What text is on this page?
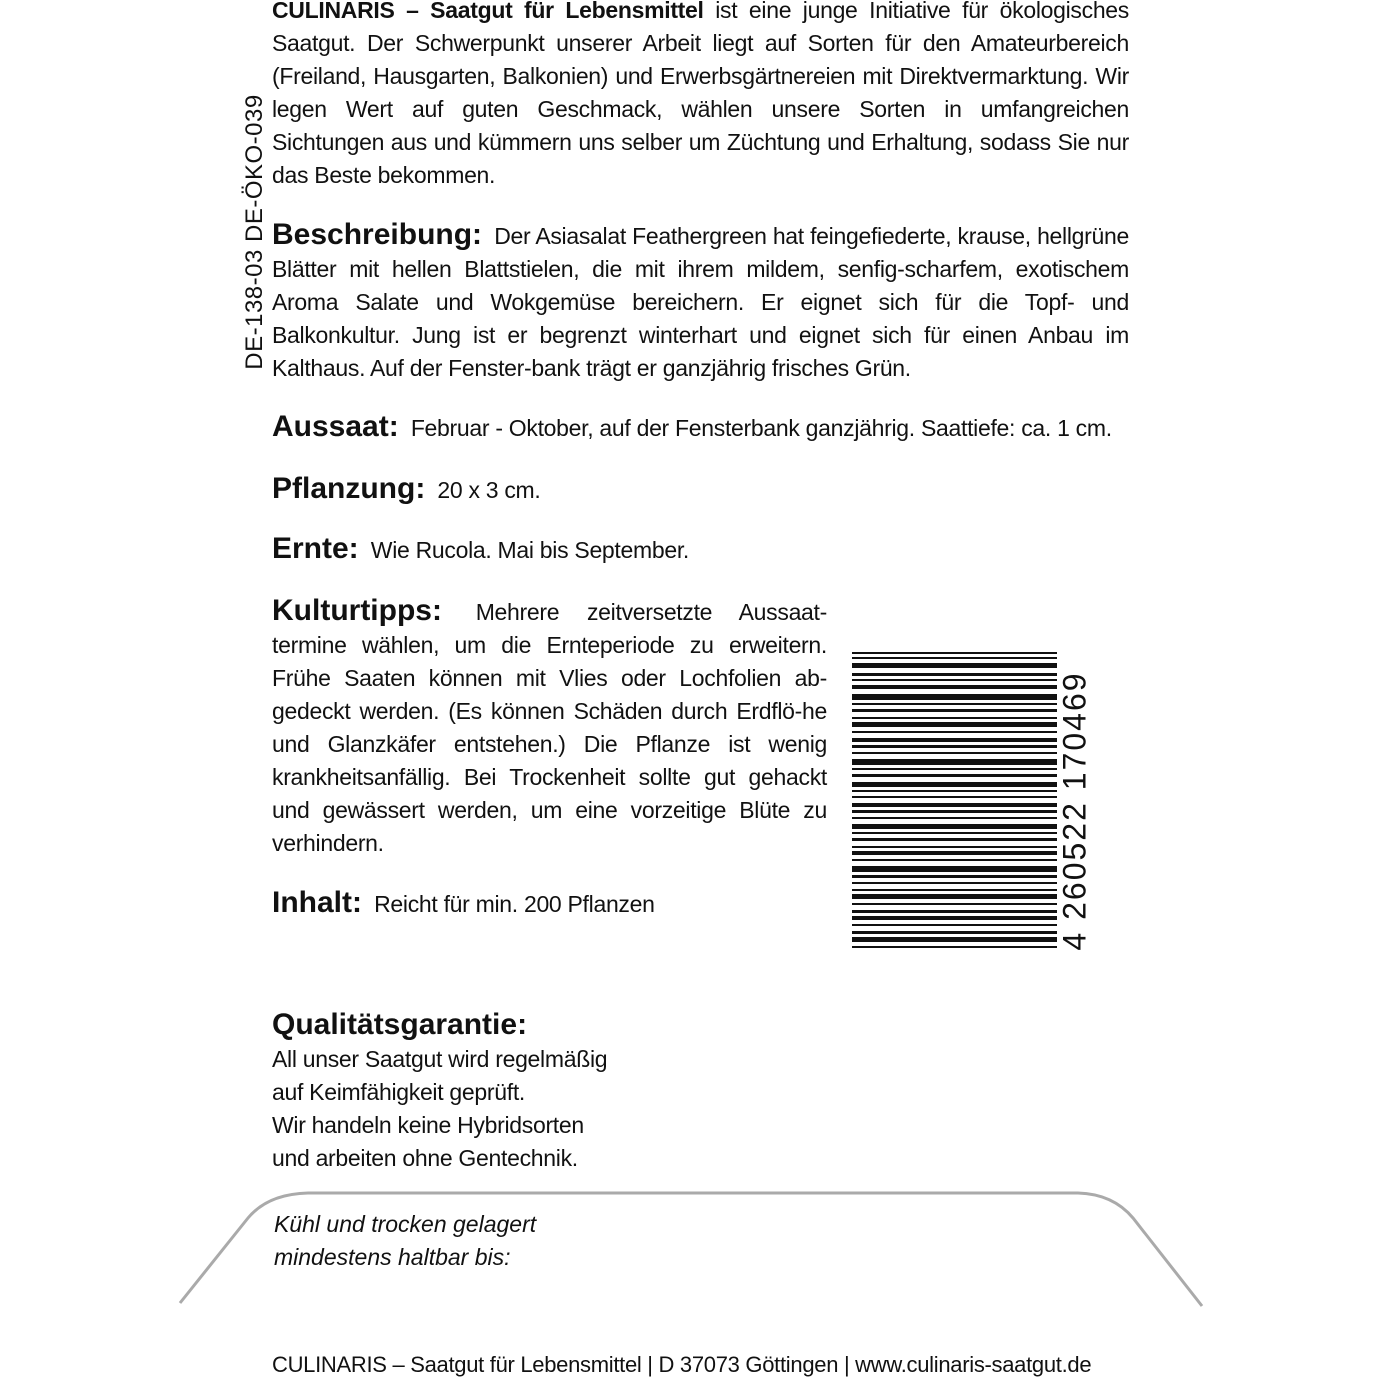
DE-138-03 DE-ÖKO-039
CULINARIS – Saatgut für Lebensmittel ist eine junge Initiative für ökologisches Saatgut. Der Schwerpunkt unserer Arbeit liegt auf Sorten für den Amateurbereich (Freiland, Hausgarten, Balkonien) und Erwerbsgärtnereien mit Direktvermarktung. Wir legen Wert auf guten Geschmack, wählen unsere Sorten in umfangreichen Sichtungen aus und kümmern uns selber um Züchtung und Erhaltung, sodass Sie nur das Beste bekommen.
Beschreibung: Der Asiasalat Feathergreen hat feingefiederte, krause, hellgrüne Blätter mit hellen Blattstielen, die mit ihrem mildem, senfig-scharfem, exotischem Aroma Salate und Wokgemüse bereichern. Er eignet sich für die Topf- und Balkonkultur. Jung ist er begrenzt winterhart und eignet sich für einen Anbau im Kalthaus. Auf der Fenster-bank trägt er ganzjährig frisches Grün.
Aussaat: Februar - Oktober, auf der Fensterbank ganzjährig. Saattiefe: ca. 1 cm.
Pflanzung: 20 x 3 cm.
Ernte: Wie Rucola. Mai bis September.
Kulturtipps: Mehrere zeitversetzte Aussaat-termine wählen, um die Ernteperiode zu erweitern. Frühe Saaten können mit Vlies oder Lochfolien ab-gedeckt werden. (Es können Schäden durch Erdflö-he und Glanzkäfer entstehen.) Die Pflanze ist wenig krankheitsanfällig. Bei Trockenheit sollte gut gehackt und gewässert werden, um eine vorzeitige Blüte zu verhindern.
Inhalt: Reicht für min. 200 Pflanzen
Qualitätsgarantie:

All unser Saatgut wird regelmäßig

auf Keimfähigkeit geprüft.

Wir handeln keine Hybridsorten

und arbeiten ohne Gentechnik.

4 260522 170469
Kühl und trocken gelagert
mindestens haltbar bis:
CULINARIS – Saatgut für Lebensmittel | D 37073 Göttingen | www.culinaris-saatgut.de
